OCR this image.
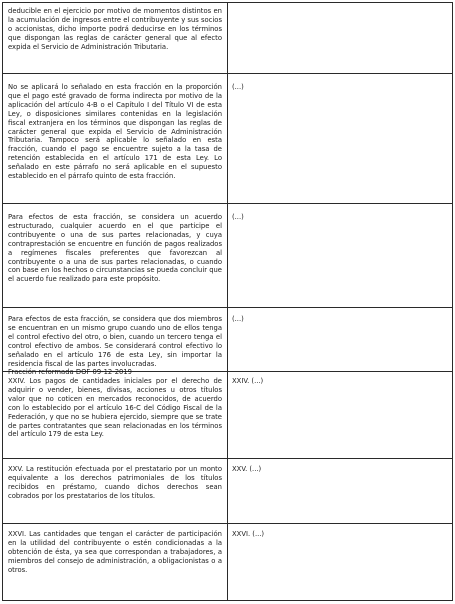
deducible en el ejercicio por motivo de momentos distintos en la acumulación de ingresos entre el contribuyente y sus socios o accionistas, dicho importe podrá deducirse en los términos que dispongan las reglas de carácter general que al efecto expida el Servicio de Administración Tributaria.
No se aplicará lo señalado en esta fracción en la proporción que el pago esté gravado de forma indirecta por motivo de la aplicación del artículo 4-B o el Capítulo I del Título VI de esta Ley, o disposiciones similares contenidas en la legislación fiscal extranjera en los términos que dispongan las reglas de carácter general que expida el Servicio de Administración Tributaria. Tampoco será aplicable lo señalado en esta fracción, cuando el pago se encuentre sujeto a la tasa de retención establecida en el artículo 171 de esta Ley. Lo señalado en este párrafo no será aplicable en el supuesto establecido en el párrafo quinto de esta fracción.
(...)
Para efectos de esta fracción, se considera un acuerdo estructurado, cualquier acuerdo en el que participe el contribuyente o una de sus partes relacionadas, y cuya contraprestación se encuentre en función de pagos realizados a regímenes fiscales preferentes que favorezcan al contribuyente o a una de sus partes relacionadas, o cuando con base en los hechos o circunstancias se pueda concluir que el acuerdo fue realizado para este propósito.
(...)
Para efectos de esta fracción, se considera que dos miembros se encuentran en un mismo grupo cuando uno de ellos tenga el control efectivo del otro, o bien, cuando un tercero tenga el control efectivo de ambos. Se considerará control efectivo lo señalado en el artículo 176 de esta Ley, sin importar la residencia fiscal de las partes involucradas.
Fracción reformada DOF 09-12-2019
(...)
XXIV. Los pagos de cantidades iniciales por el derecho de adquirir o vender, bienes, divisas, acciones u otros títulos valor que no coticen en mercados reconocidos, de acuerdo con lo establecido por el artículo 16-C del Código Fiscal de la Federación, y que no se hubiera ejercido, siempre que se trate de partes contratantes que sean relacionadas en los términos del artículo 179 de esta Ley.
XXIV. (...)
XXV. La restitución efectuada por el prestatario por un monto equivalente a los derechos patrimoniales de los títulos recibidos en préstamo, cuando dichos derechos sean cobrados por los prestatarios de los títulos.
XXV. (...)
XXVI. Las cantidades que tengan el carácter de participación en la utilidad del contribuyente o estén condicionadas a la obtención de ésta, ya sea que correspondan a trabajadores, a miembros del consejo de administración, a obligacionistas o a otros.
XXVI. (...)
